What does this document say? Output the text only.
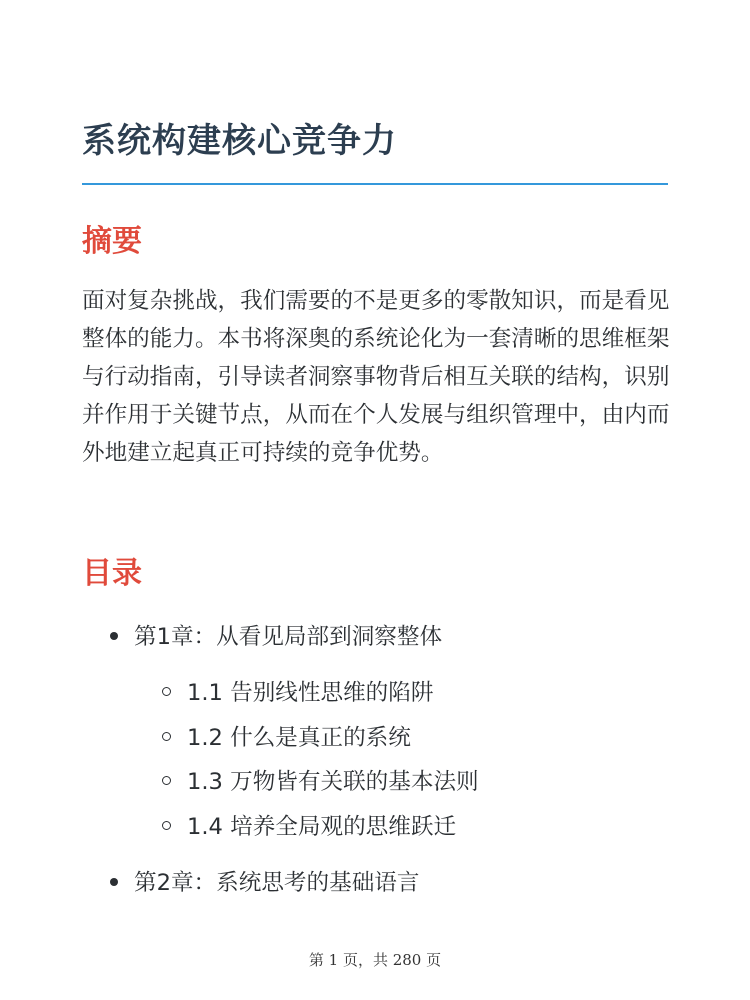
系统构建核心竞争力
摘要

面对复杂挑战，我们需要的不是更多的零散知识，而是看见整体的能力。本书将深奥的系统论化为一套清晰的思维框架与行动指南，引导读者洞察事物背后相互关联的结构，识别并作用于关键节点，从而在个人发展与组织管理中，由内而外地建立起真正可持续的竞争优势。

目录
第1章：从看见局部到洞察整体
1.1 告别线性思维的陷阱
1.2 什么是真正的系统
1.3 万物皆有关联的基本法则
1.4 培养全局观的思维跃迁
第2章：系统思考的基础语言
第 1 页，共 280 页
